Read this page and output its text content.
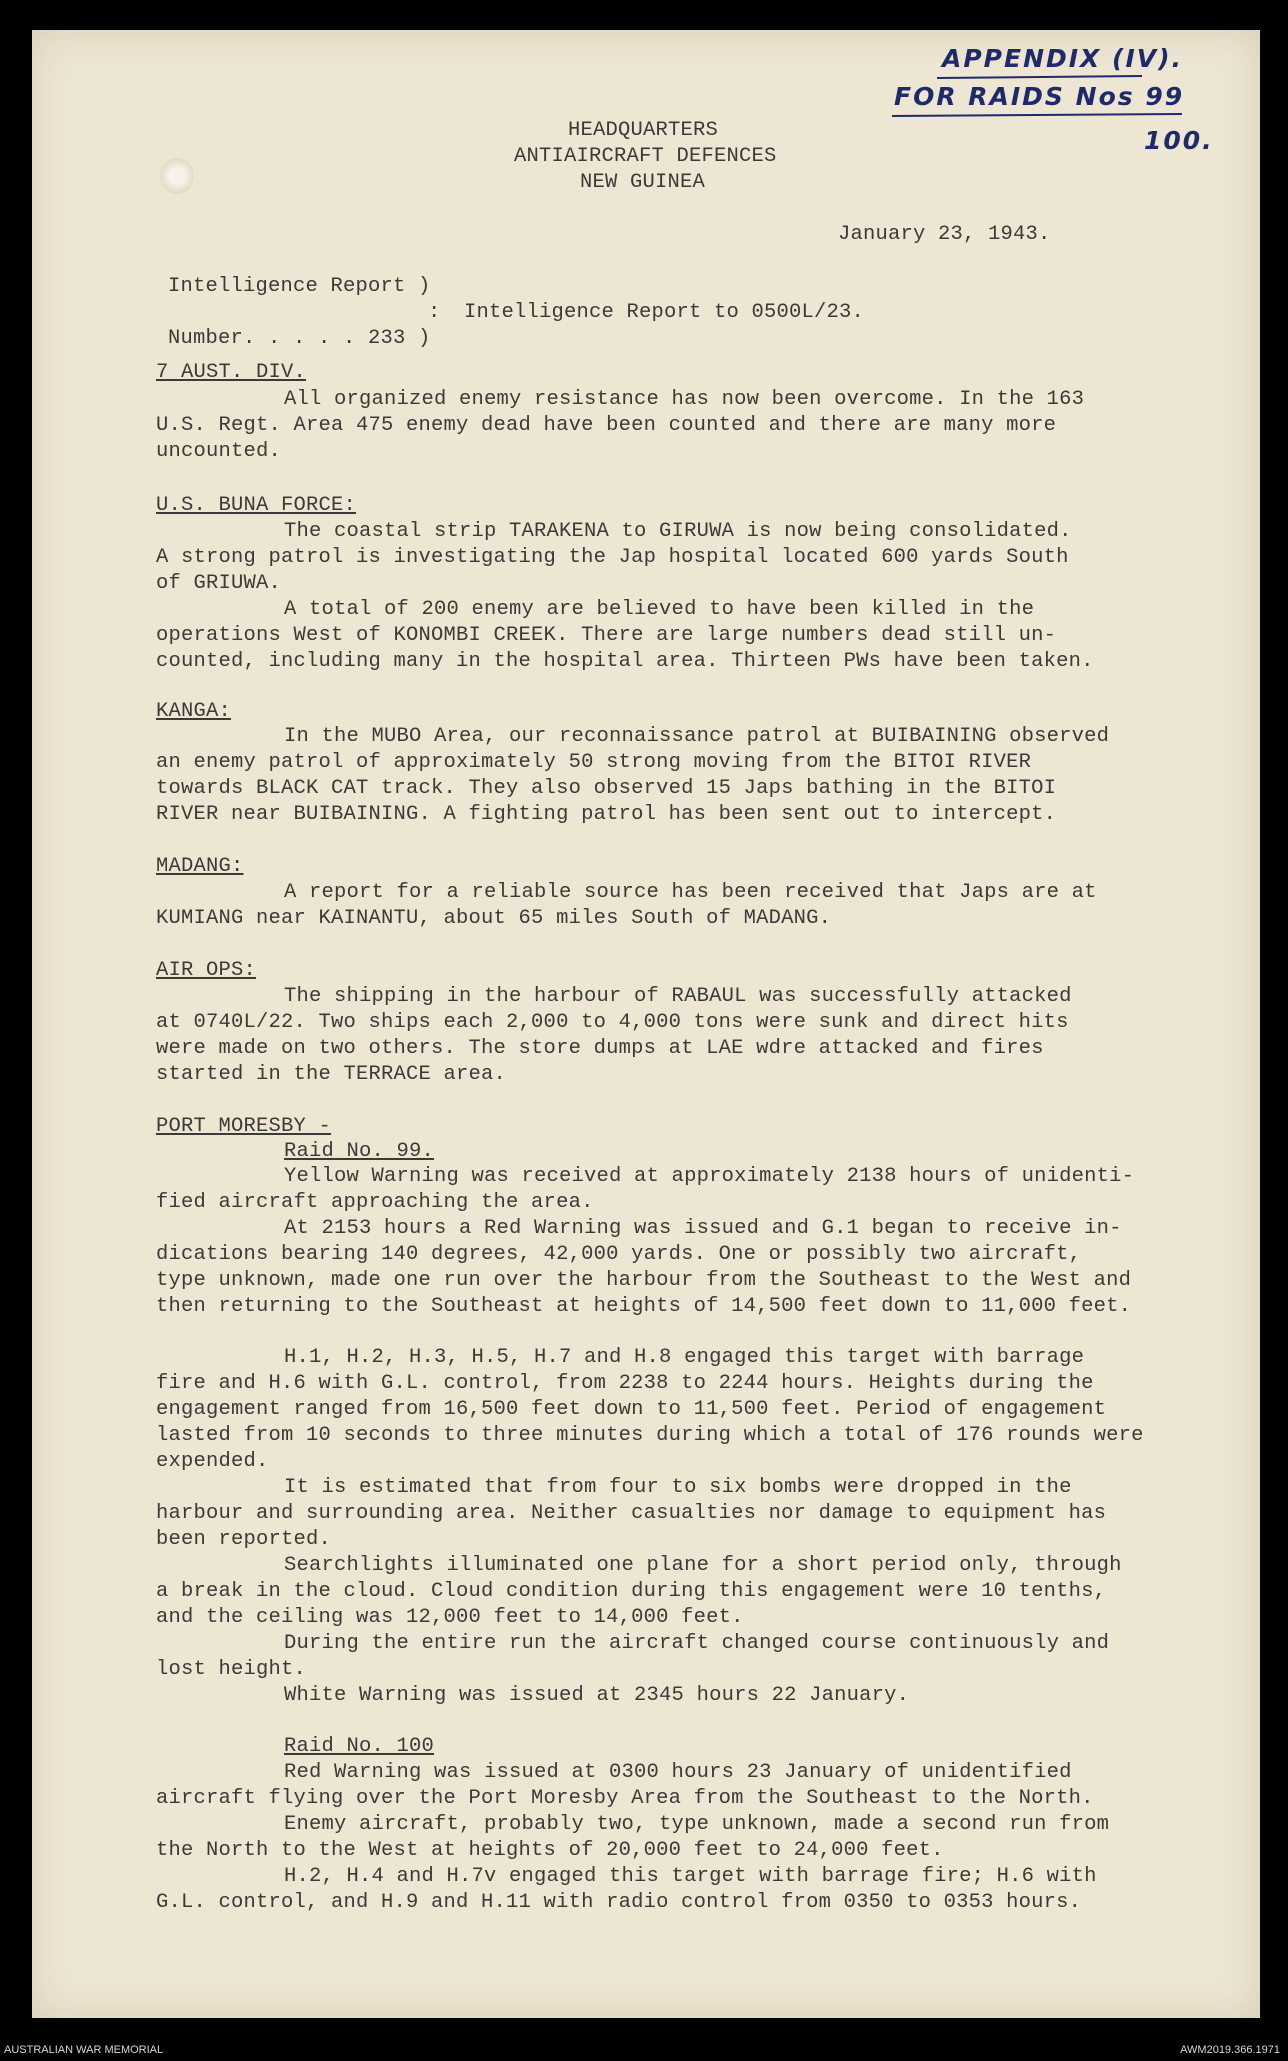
APPENDIX (IV).
FOR RAIDS Nos 99
100.
HEADQUARTERS
ANTIAIRCRAFT DEFENCES
NEW GUINEA
January 23, 1943.
Intelligence Report )
: Intelligence Report to 0500L/23.
Number. . . . . 233 )
7 AUST. DIV.
All organized enemy resistance has now been overcome. In the 163
U.S. Regt. Area 475 enemy dead have been counted and there are many more
uncounted.
U.S. BUNA FORCE:
The coastal strip TARAKENA to GIRUWA is now being consolidated.
A strong patrol is investigating the Jap hospital located 600 yards South
of GRIUWA.
A total of 200 enemy are believed to have been killed in the
operations West of KONOMBI CREEK. There are large numbers dead still un-
counted, including many in the hospital area. Thirteen PWs have been taken.
KANGA:
In the MUBO Area, our reconnaissance patrol at BUIBAINING observed
an enemy patrol of approximately 50 strong moving from the BITOI RIVER
towards BLACK CAT track. They also observed 15 Japs bathing in the BITOI
RIVER near BUIBAINING. A fighting patrol has been sent out to intercept.
MADANG:
A report for a reliable source has been received that Japs are at
KUMIANG near KAINANTU, about 65 miles South of MADANG.
AIR OPS:
The shipping in the harbour of RABAUL was successfully attacked
at 0740L/22. Two ships each 2,000 to 4,000 tons were sunk and direct hits
were made on two others. The store dumps at LAE wdre attacked and fires
started in the TERRACE area.
PORT MORESBY -
Raid No. 99.
Yellow Warning was received at approximately 2138 hours of unidenti-
fied aircraft approaching the area.
At 2153 hours a Red Warning was issued and G.1 began to receive in-
dications bearing 140 degrees, 42,000 yards. One or possibly two aircraft,
type unknown, made one run over the harbour from the Southeast to the West and
then returning to the Southeast at heights of 14,500 feet down to 11,000 feet.
H.1, H.2, H.3, H.5, H.7 and H.8 engaged this target with barrage
fire and H.6 with G.L. control, from 2238 to 2244 hours. Heights during the
engagement ranged from 16,500 feet down to 11,500 feet. Period of engagement
lasted from 10 seconds to three minutes during which a total of 176 rounds were
expended.
It is estimated that from four to six bombs were dropped in the
harbour and surrounding area. Neither casualties nor damage to equipment has
been reported.
Searchlights illuminated one plane for a short period only, through
a break in the cloud. Cloud condition during this engagement were 10 tenths,
and the ceiling was 12,000 feet to 14,000 feet.
During the entire run the aircraft changed course continuously and
lost height.
White Warning was issued at 2345 hours 22 January.
Raid No. 100
Red Warning was issued at 0300 hours 23 January of unidentified
aircraft flying over the Port Moresby Area from the Southeast to the North.
Enemy aircraft, probably two, type unknown, made a second run from
the North to the West at heights of 20,000 feet to 24,000 feet.
H.2, H.4 and H.7v engaged this target with barrage fire; H.6 with
G.L. control, and H.9 and H.11 with radio control from 0350 to 0353 hours.
AUSTRALIAN WAR MEMORIAL	AWM2019.366.1971
